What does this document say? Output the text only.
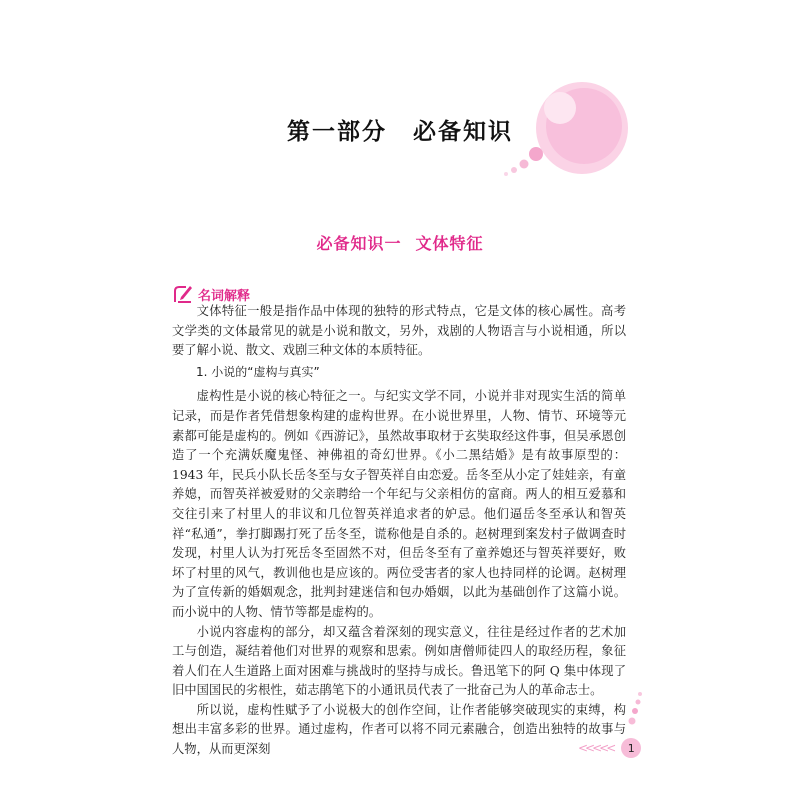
第一部分 必备知识
必备知识一 文体特征
名词解释

文体特征一般是指作品中体现的独特的形式特点，它是文体的核心属性。高考文学类的文体最常见的就是小说和散文，另外，戏剧的人物语言与小说相通，所以要了解小说、散文、戏剧三种文体的本质特征。

1. 小说的“虚构与真实”

虚构性是小说的核心特征之一。与纪实文学不同，小说并非对现实生活的简单记录，而是作者凭借想象构建的虚构世界。在小说世界里，人物、情节、环境等元素都可能是虚构的。例如《西游记》，虽然故事取材于玄奘取经这件事，但吴承恩创造了一个充满妖魔鬼怪、神佛祖的奇幻世界。《小二黑结婚》是有故事原型的：1943 年，民兵小队长岳冬至与女子智英祥自由恋爱。岳冬至从小定了娃娃亲，有童养媳，而智英祥被爱财的父亲聘给一个年纪与父亲相仿的富商。两人的相互爱慕和交往引来了村里人的非议和几位智英祥追求者的妒忌。他们逼岳冬至承认和智英祥“私通”，拳打脚踢打死了岳冬至，谎称他是自杀的。赵树理到案发村子做调查时发现，村里人认为打死岳冬至固然不对，但岳冬至有了童养媳还与智英祥要好，败坏了村里的风气，教训他也是应该的。两位受害者的家人也持同样的论调。赵树理为了宣传新的婚姻观念，批判封建迷信和包办婚姻，以此为基础创作了这篇小说。而小说中的人物、情节等都是虚构的。

小说内容虚构的部分，却又蕴含着深刻的现实意义，往往是经过作者的艺术加工与创造，凝结着他们对世界的观察和思索。例如唐僧师徒四人的取经历程，象征着人们在人生道路上面对困难与挑战时的坚持与成长。鲁迅笔下的阿 Q 集中体现了旧中国国民的劣根性，茹志鹃笔下的小通讯员代表了一批奋己为人的革命志士。

所以说，虚构性赋予了小说极大的创作空间，让作者能够突破现实的束缚，构想出丰富多彩的世界。通过虚构，作者可以将不同元素融合，创造出独特的故事与人物，从而更深刻	<<<<<	1
